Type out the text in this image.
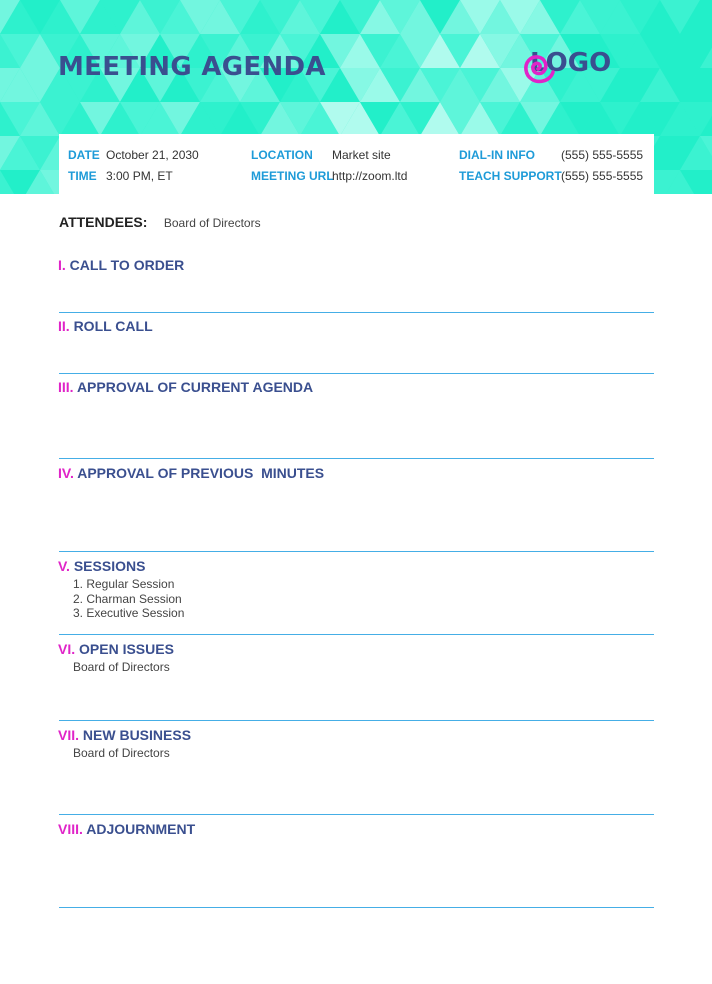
MEETING AGENDA	LOGO
DATE October 21, 2030
TIME 3:00 PM, ET
LOCATION Market site
MEETING URL
http://zoom.ltd
DIAL-IN INFO (555) 555-5555
TEACH SUPPORT (555) 555-5555
ATTENDEES: Board of Directors
I. CALL TO ORDER
II. ROLL CALL
III. APPROVAL OF CURRENT AGENDA
IV. APPROVAL OF PREVIOUS  MINUTES
V. SESSIONS
1. Regular Session
2. Charman Session
3. Executive Session
VI. OPEN ISSUES
Board of Directors
VII. NEW BUSINESS
Board of Directors
VIII. ADJOURNMENT
